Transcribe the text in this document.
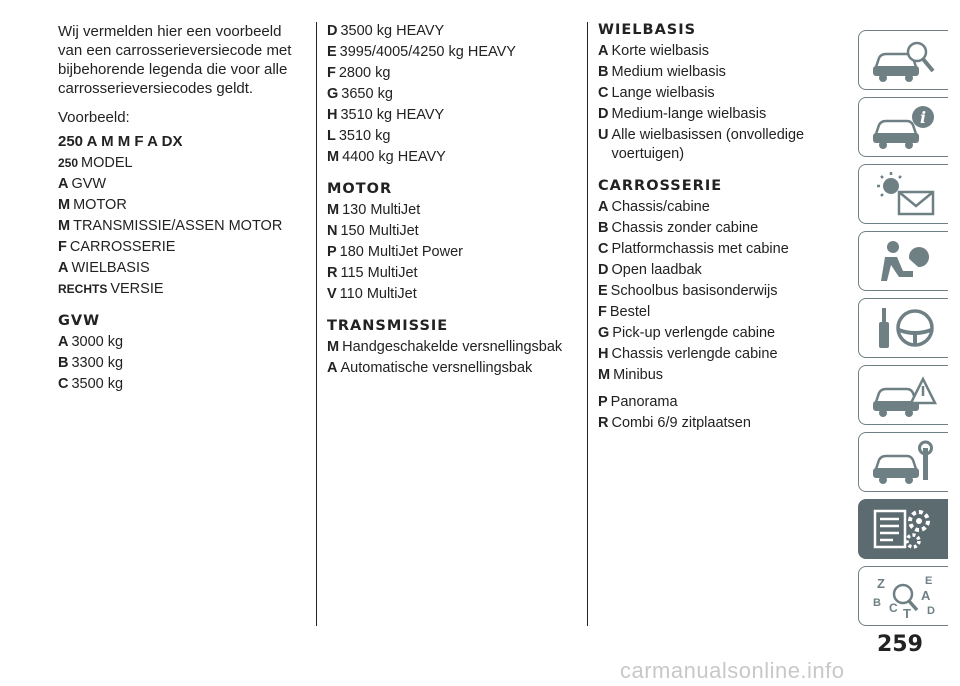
Wij vermelden hier een voorbeeld van een carrosserieversiecode met bijbehorende legenda die voor alle carrosserieversiecodes geldt.

Voorbeeld:

250 A M M F A DX
250 MODEL
A GVW
M MOTOR
M TRANSMISSIE/ASSEN MOTOR
F CARROSSERIE
A WIELBASIS
RECHTS VERSIE
GVW
A 3000 kg
B 3300 kg
C 3500 kg
D 3500 kg HEAVY
E 3995/4005/4250 kg HEAVY
F 2800 kg
G 3650 kg
H 3510 kg HEAVY
L 3510 kg
M 4400 kg HEAVY
MOTOR
M 130 MultiJet
N 150 MultiJet
P 180 MultiJet Power
R 115 MultiJet
V 110 MultiJet
TRANSMISSIE
M Handgeschakelde versnellingsbak
A Automatische versnellingsbak
WIELBASIS
A Korte wielbasis
B Medium wielbasis
C Lange wielbasis
D Medium-lange wielbasis
U Alle wielbasissen (onvolledige voertuigen)
CARROSSERIE
A Chassis/cabine
B Chassis zonder cabine
C Platformchassis met cabine
D Open laadbak
E Schoolbus basisonderwijs
F Bestel
G Pick-up verlengde cabine
H Chassis verlengde cabine
M Minibus
P Panorama
R Combi 6/9 zitplaatsen
i
Z	E
A
B C T D
259
carmanualsonline.info
